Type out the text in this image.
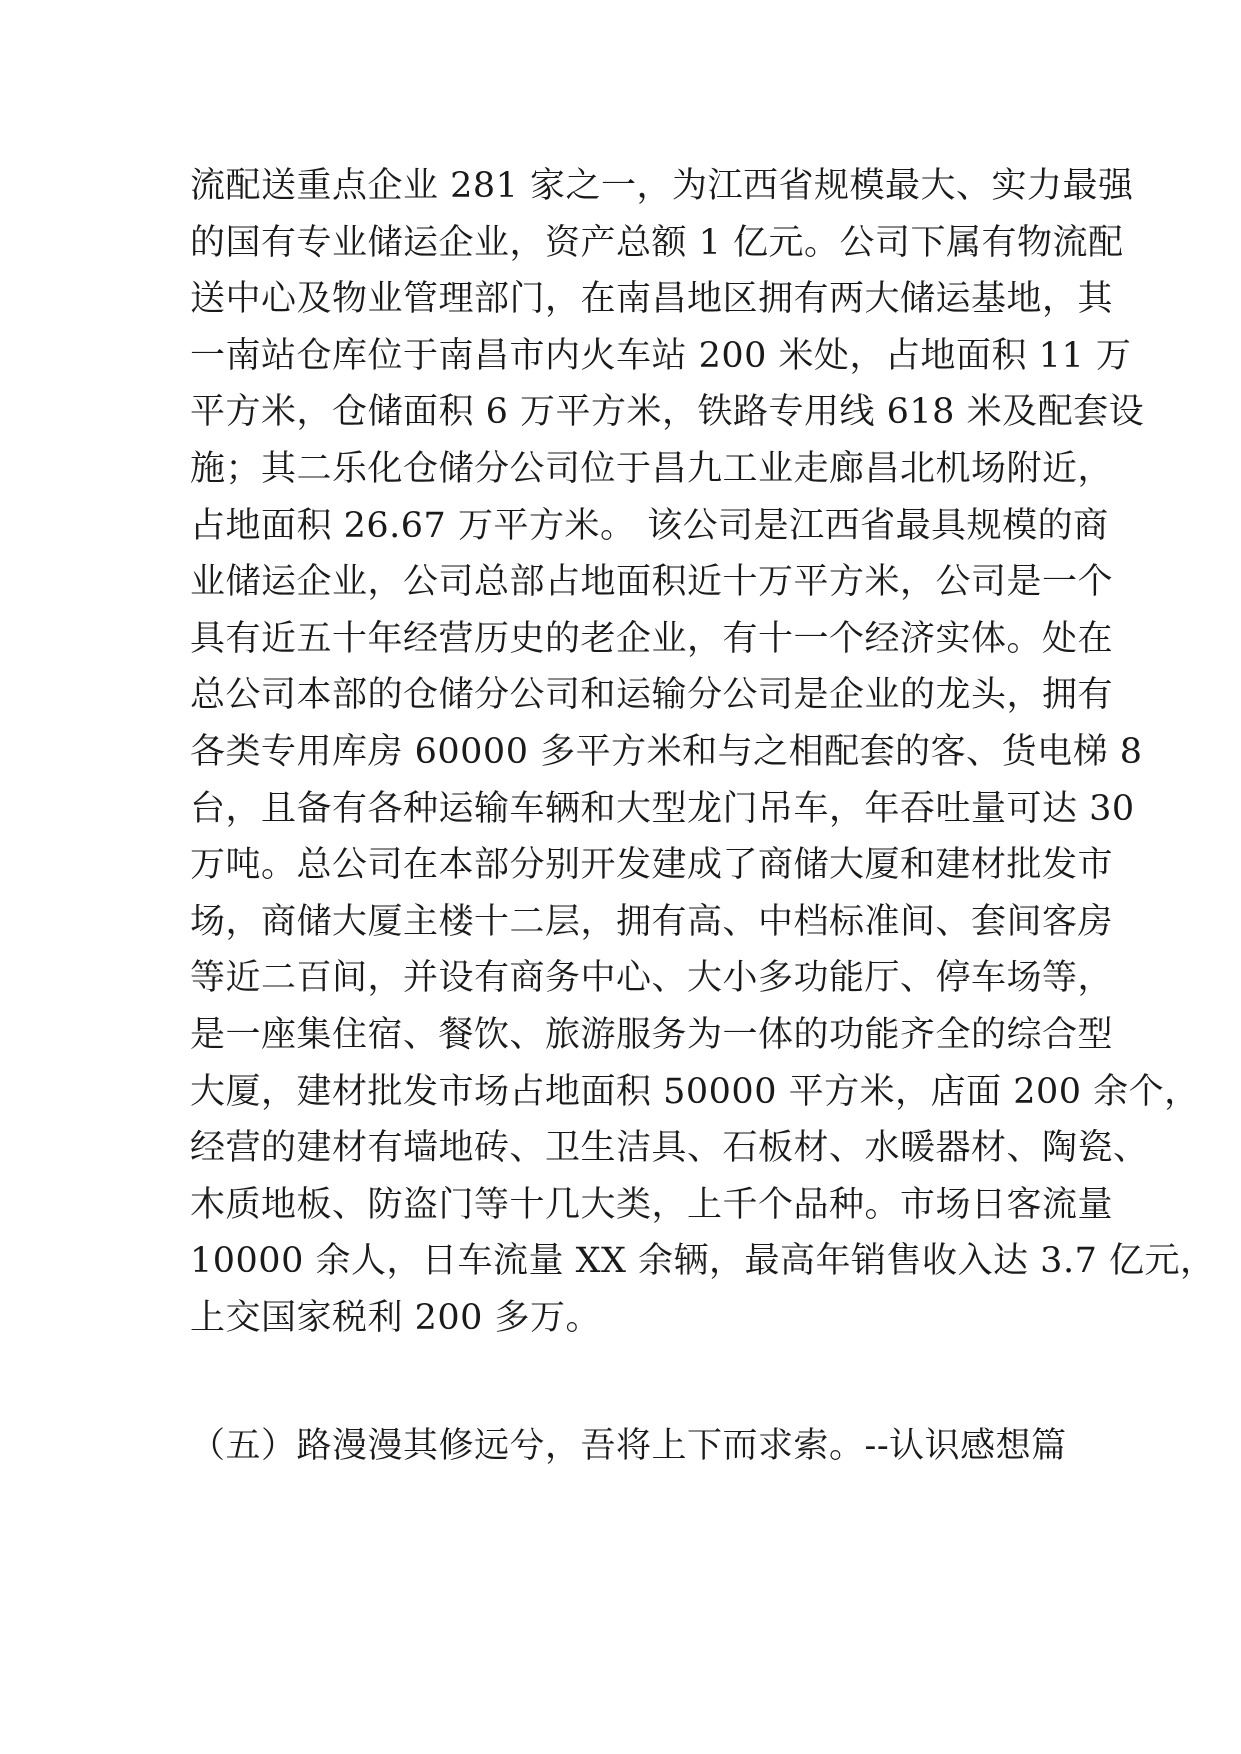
流配送重点企业 281 家之一，为江西省规模最大、实力最强
的国有专业储运企业，资产总额 1 亿元。公司下属有物流配
送中心及物业管理部门，在南昌地区拥有两大储运基地，其
一南站仓库位于南昌市内火车站 200 米处，占地面积 11 万
平方米，仓储面积 6 万平方米，铁路专用线 618 米及配套设
施；其二乐化仓储分公司位于昌九工业走廊昌北机场附近，
占地面积 26.67 万平方米。 该公司是江西省最具规模的商
业储运企业，公司总部占地面积近十万平方米，公司是一个
具有近五十年经营历史的老企业，有十一个经济实体。处在
总公司本部的仓储分公司和运输分公司是企业的龙头，拥有
各类专用库房 60000 多平方米和与之相配套的客、货电梯 8
台，且备有各种运输车辆和大型龙门吊车，年吞吐量可达 30
万吨。总公司在本部分别开发建成了商储大厦和建材批发市
场，商储大厦主楼十二层，拥有高、中档标准间、套间客房
等近二百间，并设有商务中心、大小多功能厅、停车场等，
是一座集住宿、餐饮、旅游服务为一体的功能齐全的综合型
大厦，建材批发市场占地面积 50000 平方米，店面 200 余个，
经营的建材有墙地砖、卫生洁具、石板材、水暖器材、陶瓷、
木质地板、防盗门等十几大类，上千个品种。市场日客流量
10000 余人，日车流量 XX 余辆，最高年销售收入达 3.7 亿元，
上交国家税利 200 多万。
（五）路漫漫其修远兮，吾将上下而求索。--认识感想篇
